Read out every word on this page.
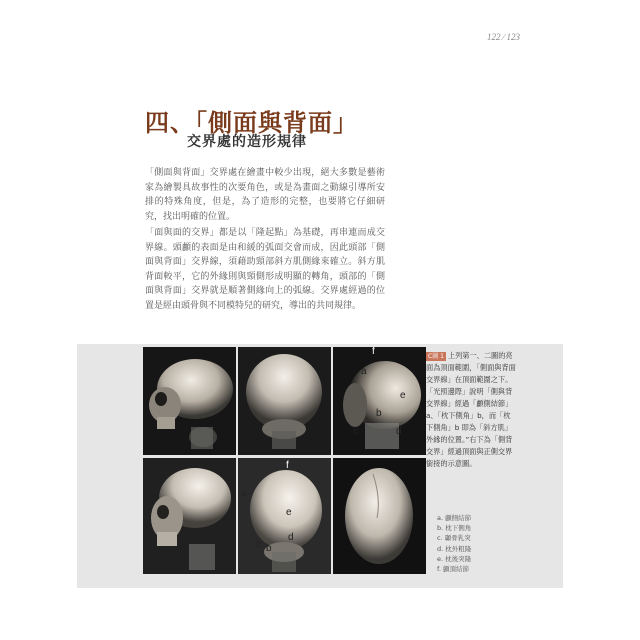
122 ∕ 123
四、「側面與背面」
交界處的造形規律
「側面與背面」交界處在繪畫中較少出現，絕大多數是藝術家為繪製具故事性的次要角色，或是為畫面之動線引導所安排的特殊角度，但是，為了造形的完整，也要將它仔細研究，找出明確的位置。
「面與面的交界」都是以「隆起點」為基礎，再串連而成交界線。頭顱的表面是由和緩的弧面交會而成，因此頭部「側面與背面」交界線，須藉助頸部斜方肌側緣來確立。斜方肌背面較平，它的外緣則與頸側形成明顯的轉角，頭部的「側面與背面」交界就是順著側緣向上的弧線。交界處經過的位置是經由頭骨與不同模特兒的研究，導出的共同規律。
f
a
e
b
c	d
f
a
e
c b
d
C圖 1 上列第一、二圖的亮面為頂面範圍，「側面與背面交界線」在頂面範圍之下。「光照邊際」說明「側與背交界線」經過「顱側結節」a、「枕下側角」b，而「枕下側角」b 即為「斜方肌」外緣的位置。”右下為「側背交界」經過頂面與正側交界銜接的示意圖。
a. 顱側結節
b. 枕下側角
c. 顳骨乳突
d. 枕外粗隆
e. 枕後突隆
f. 顱頂結節
